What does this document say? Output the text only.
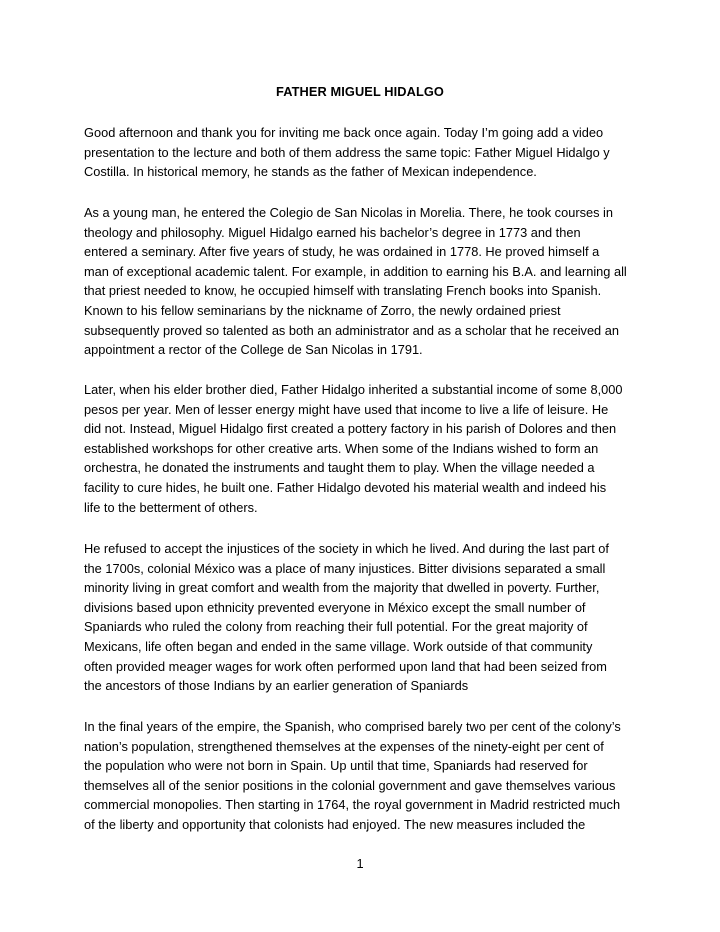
FATHER MIGUEL HIDALGO

Good afternoon and thank you for inviting me back once again. Today I’m going add a video
presentation to the lecture and both of them address the same topic: Father Miguel Hidalgo y
Costilla. In historical memory, he stands as the father of Mexican independence.

As a young man, he entered the Colegio de San Nicolas in Morelia. There, he took courses in
theology and philosophy. Miguel Hidalgo earned his bachelor’s degree in 1773 and then
entered a seminary. After five years of study, he was ordained in 1778. He proved himself a
man of exceptional academic talent. For example, in addition to earning his B.A. and learning all
that priest needed to know, he occupied himself with translating French books into Spanish.
Known to his fellow seminarians by the nickname of Zorro, the newly ordained priest
subsequently proved so talented as both an administrator and as a scholar that he received an
appointment a rector of the College de San Nicolas in 1791.

Later, when his elder brother died, Father Hidalgo inherited a substantial income of some 8,000
pesos per year. Men of lesser energy might have used that income to live a life of leisure. He
did not. Instead, Miguel Hidalgo first created a pottery factory in his parish of Dolores and then
established workshops for other creative arts. When some of the Indians wished to form an
orchestra, he donated the instruments and taught them to play. When the village needed a
facility to cure hides, he built one. Father Hidalgo devoted his material wealth and indeed his
life to the betterment of others.

He refused to accept the injustices of the society in which he lived. And during the last part of
the 1700s, colonial México was a place of many injustices. Bitter divisions separated a small
minority living in great comfort and wealth from the majority that dwelled in poverty. Further,
divisions based upon ethnicity prevented everyone in México except the small number of
Spaniards who ruled the colony from reaching their full potential. For the great majority of
Mexicans, life often began and ended in the same village. Work outside of that community
often provided meager wages for work often performed upon land that had been seized from
the ancestors of those Indians by an earlier generation of Spaniards

In the final years of the empire, the Spanish, who comprised barely two per cent of the colony’s
nation’s population, strengthened themselves at the expenses of the ninety-eight per cent of
the population who were not born in Spain. Up until that time, Spaniards had reserved for
themselves all of the senior positions in the colonial government and gave themselves various
commercial monopolies. Then starting in 1764, the royal government in Madrid restricted much
of the liberty and opportunity that colonists had enjoyed. The new measures included the

1
